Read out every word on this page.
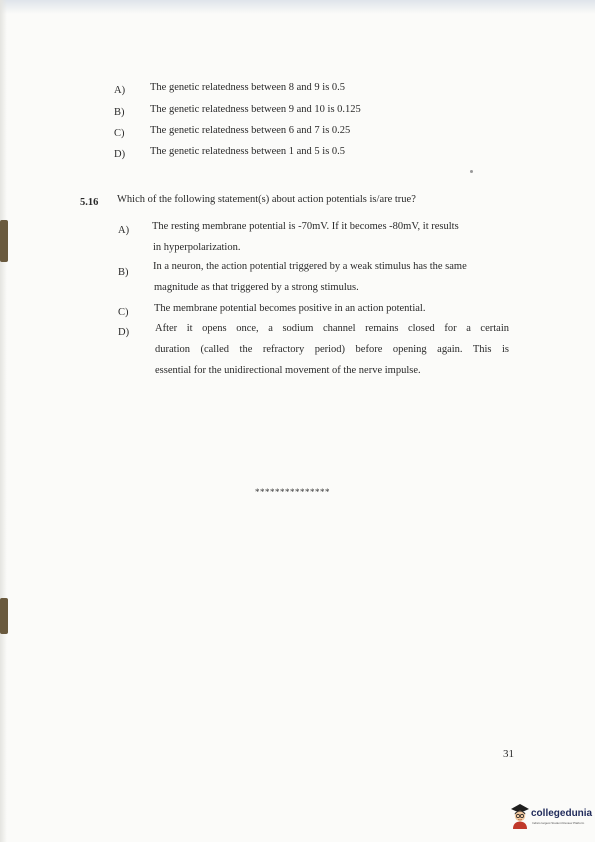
A) The genetic relatedness between 8 and 9 is 0.5
B) The genetic relatedness between 9 and 10 is 0.125
C) The genetic relatedness between 6 and 7 is 0.25
D) The genetic relatedness between 1 and 5 is 0.5
5.16 Which of the following statement(s) about action potentials is/are true?
A) The resting membrane potential is -70mV. If it becomes -80mV, it results
in hyperpolarization.
B)
In a neuron, the action potential triggered by a weak stimulus has the same
magnitude as that triggered by a strong stimulus.
C) The membrane potential becomes positive in an action potential.
D) After it opens once, a sodium channel remains closed for a certain
duration (called the refractory period) before opening again. This is
essential for the unidirectional movement of the nerve impulse.
***************
31
collegedunia
India's largest Student Review Platform
